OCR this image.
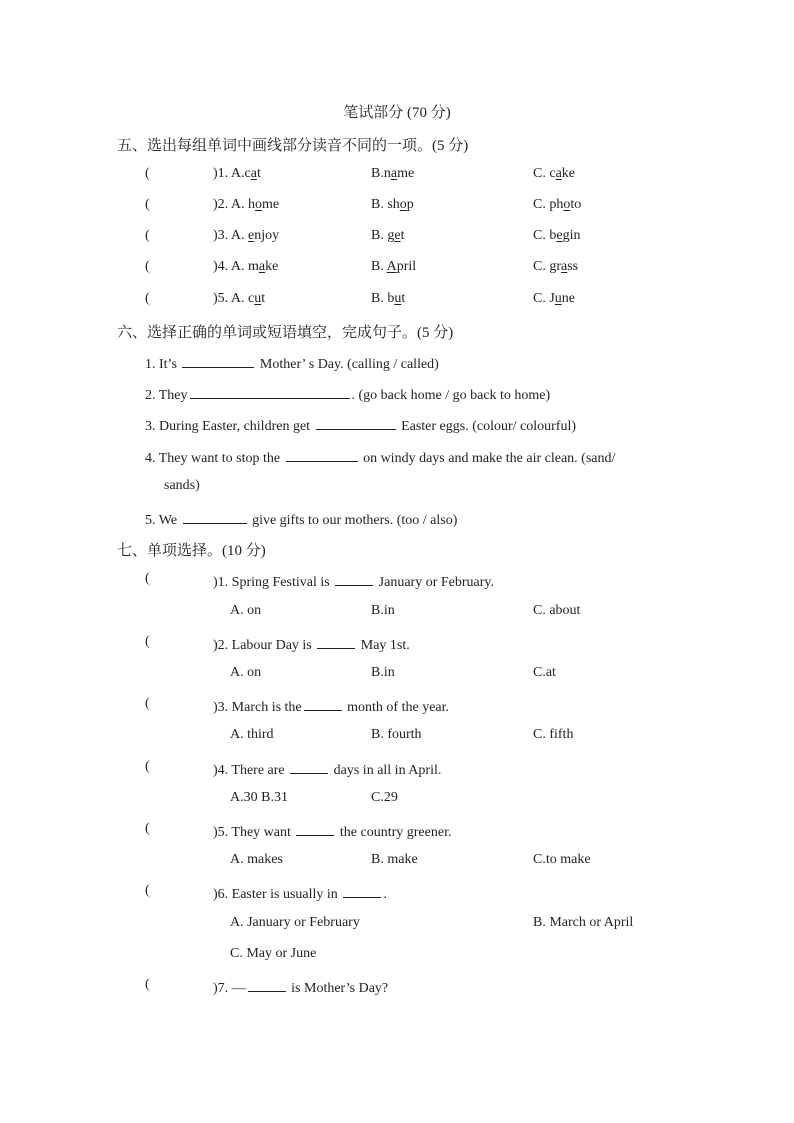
笔试部分 (70 分)
五、选出每组单词中画线部分读音不同的一项。(5 分)
(	)1. A.cat	B.name	C. cake
(	)2. A. home	B. shop	C. photo
(	)3. A. enjoy	B. get	C. begin
(	)4. A. make	B. April	C. grass
(	)5. A. cut	B. but	C. June
六、选择正确的单词或短语填空，完成句子。(5 分)
1. It’s	Mother’ s Day. (calling / called)
2. They	. (go back home / go back to home)
3. During Easter, children get	Easter eggs. (colour/ colourful)
4. They want to stop the	on windy days and make the air clean. (sand/
sands)
5. We	give gifts to our mothers. (too / also)
七、单项选择。(10 分)
(	)1. Spring Festival is	January or February.
A. on	B.in	C. about
(	)2. Labour Day is	May 1st.
A. on	B.in	C.at
(	)3. March is the	month of the year.
A. third	B. fourth	C. fifth
(	)4. There are	days in all in April.
A.30 B.31	C.29
(	)5. They want	the country greener.
A. makes	B. make	C.to make
(	)6. Easter is usually in	.
A. January or February	B. March or April
C. May or June
(	)7. —	is Mother’s Day?
